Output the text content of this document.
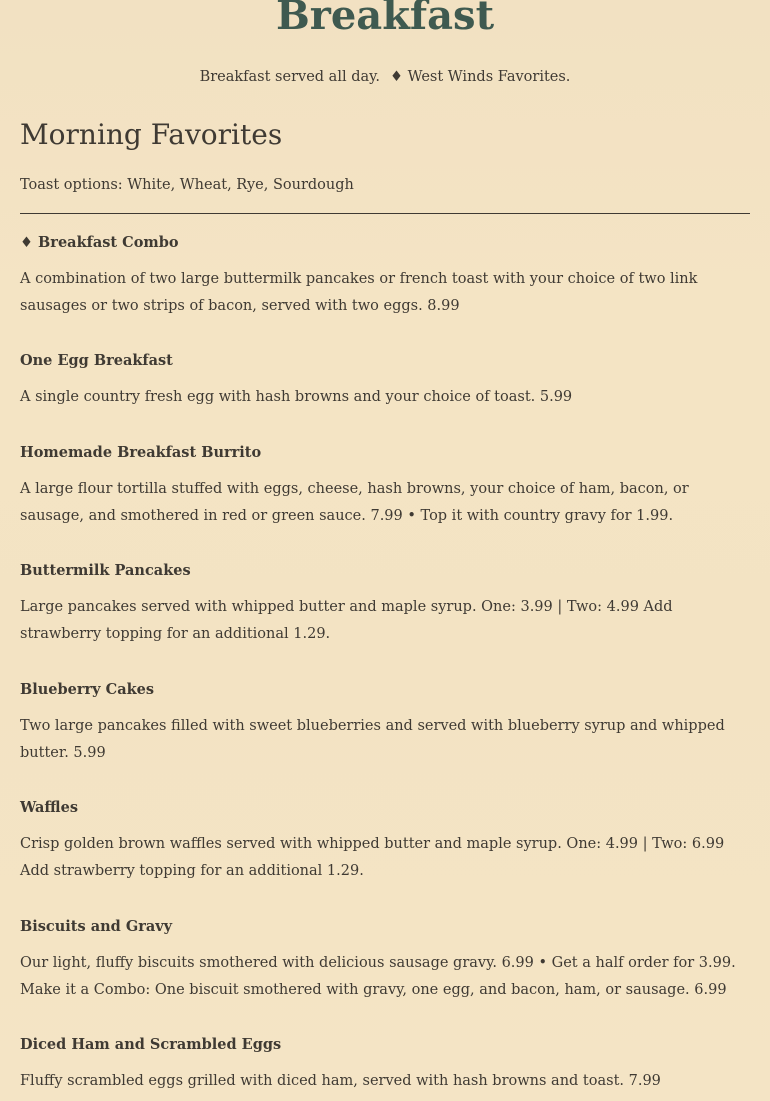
Breakfast
Breakfast served all day. ♦ West Winds Favorites.
Morning Favorites
Toast options: White, Wheat, Rye, Sourdough

♦ Breakfast Combo

A combination of two large buttermilk pancakes or french toast with your choice of two link sausages or two strips of bacon, served with two eggs. 8.99

One Egg Breakfast

A single country fresh egg with hash browns and your choice of toast. 5.99

Homemade Breakfast Burrito

A large flour tortilla stuffed with eggs, cheese, hash browns, your choice of ham, bacon, or sausage, and smothered in red or green sauce. 7.99 • Top it with country gravy for 1.99.

Buttermilk Pancakes

Large pancakes served with whipped butter and maple syrup. One: 3.99 | Two: 4.99 Add strawberry topping for an additional 1.29.

Blueberry Cakes

Two large pancakes filled with sweet blueberries and served with blueberry syrup and whipped butter. 5.99

Waffles

Crisp golden brown waffles served with whipped butter and maple syrup. One: 4.99 | Two: 6.99 Add strawberry topping for an additional 1.29.

Biscuits and Gravy

Our light, fluffy biscuits smothered with delicious sausage gravy. 6.99 • Get a half order for 3.99. Make it a Combo: One biscuit smothered with gravy, one egg, and bacon, ham, or sausage. 6.99

Diced Ham and Scrambled Eggs

Fluffy scrambled eggs grilled with diced ham, served with hash browns and toast. 7.99
